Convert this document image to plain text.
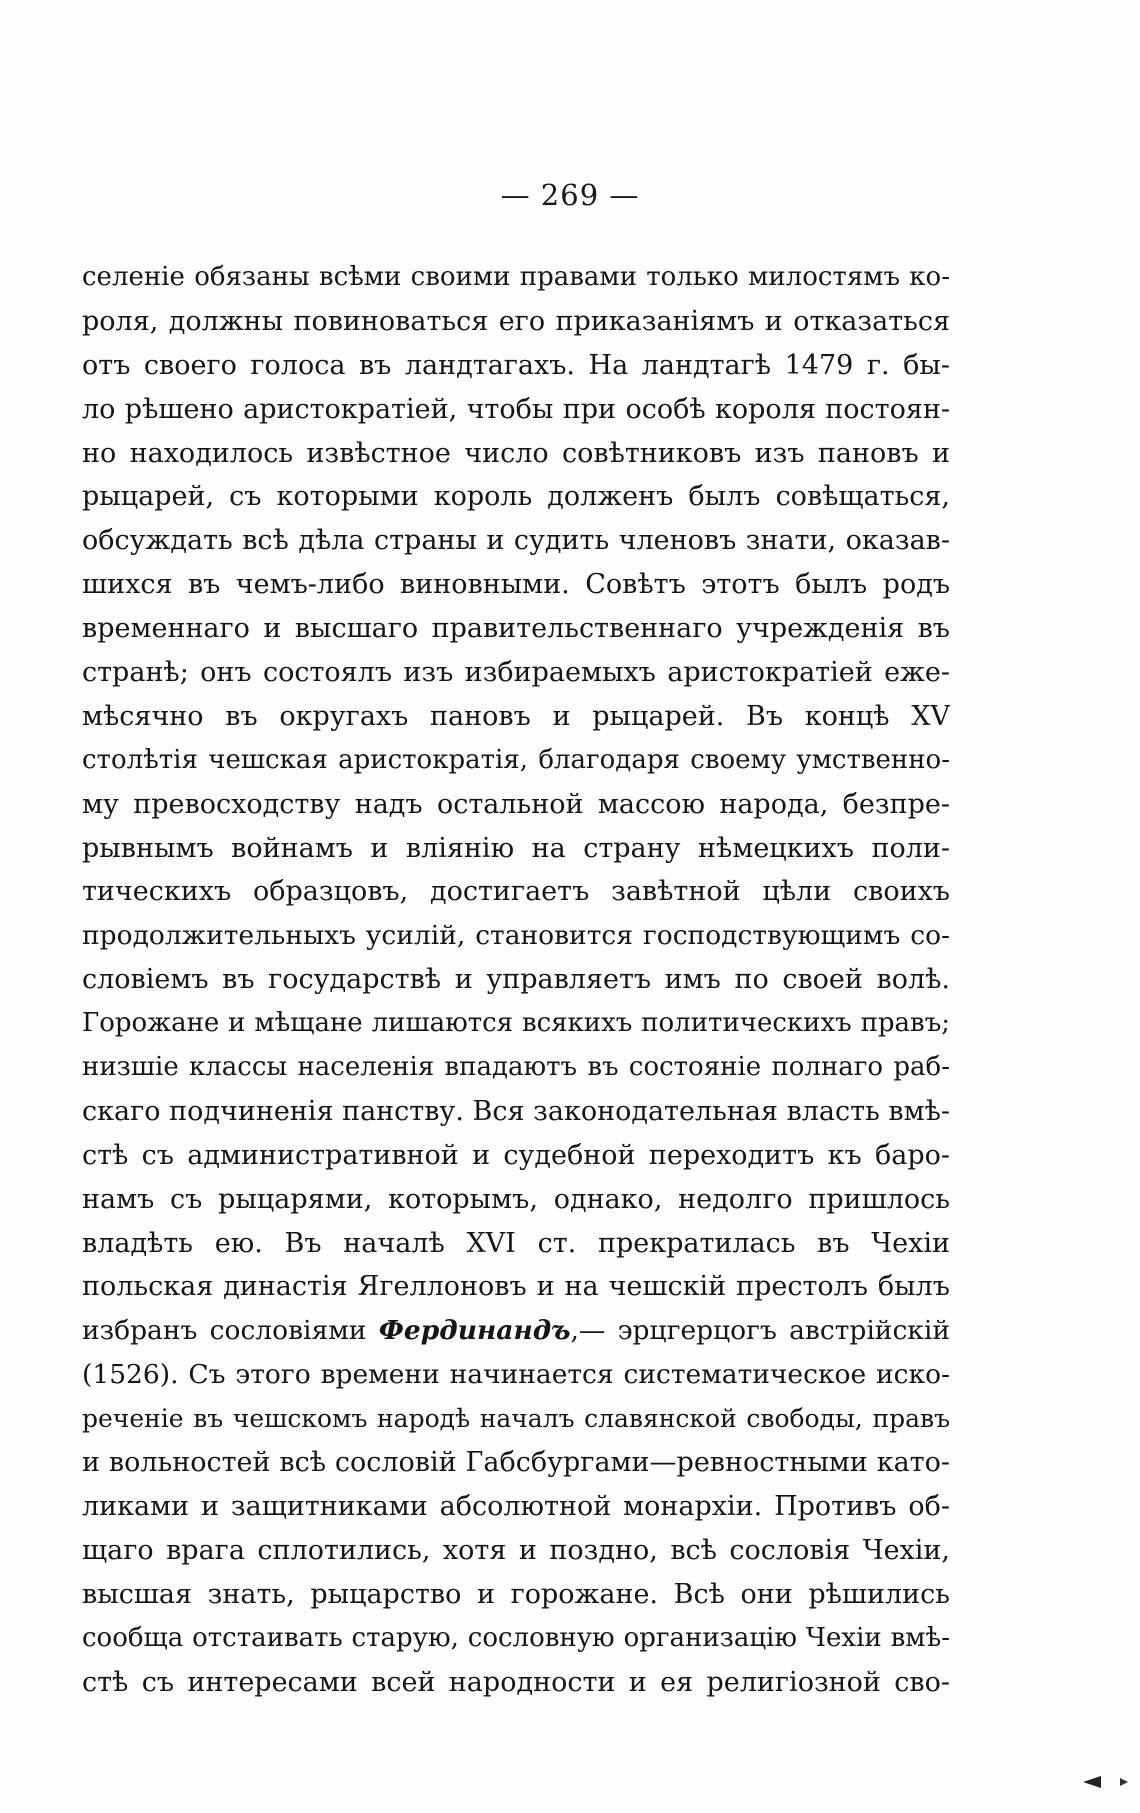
— 269 —
селеніе обязаны всѣми своими правами только милостямъ ко-
роля, должны повиноваться его приказаніямъ и отказаться
отъ своего голоса въ ландтагахъ. На ландтагѣ 1479 г. бы-
ло рѣшено аристократіей, чтобы при особѣ короля постоян-
но находилось извѣстное число совѣтниковъ изъ пановъ и
рыцарей, съ которыми король долженъ былъ совѣщаться,
обсуждать всѣ дѣла страны и судить членовъ знати, оказав-
шихся въ чемъ-либо виновными. Совѣтъ этотъ былъ родъ
временнаго и высшаго правительственнаго учрежденія въ
странѣ; онъ состоялъ изъ избираемыхъ аристократіей еже-
мѣсячно въ округахъ пановъ и рыцарей. Въ концѣ XV
столѣтія чешская аристократія, благодаря своему умственно-
му превосходству надъ остальной массою народа, безпре-
рывнымъ войнамъ и вліянію на страну нѣмецкихъ поли-
тическихъ образцовъ, достигаетъ завѣтной цѣли своихъ
продолжительныхъ усилій, становится господствующимъ со-
словіемъ въ государствѣ и управляетъ имъ по своей волѣ.
Горожане и мѣщане лишаются всякихъ политическихъ правъ;
низшіе классы населенія впадаютъ въ состояніе полнаго раб-
скаго подчиненія панству. Вся законодательная власть вмѣ-
стѣ съ административной и судебной переходитъ къ баро-
намъ съ рыцарями, которымъ, однако, недолго пришлось
владѣть ею. Въ началѣ XVI ст. прекратилась въ Чехіи
польская династія Ягеллоновъ и на чешскій престолъ былъ
избранъ сословіями Фердинандъ,— эрцгерцогъ австрійскій
(1526). Съ этого времени начинается систематическое иско-
реченіе въ чешскомъ народѣ началъ славянской свободы, правъ
и вольностей всѣ сословій Габсбургами—ревностными като-
ликами и защитниками абсолютной монархіи. Противъ об-
щаго врага сплотились, хотя и поздно, всѣ сословія Чехіи,
высшая знать, рыцарство и горожане. Всѣ они рѣшились
сообща отстаивать старую, сословную организацію Чехіи вмѣ-
стѣ съ интересами всей народности и ея религіозной сво-
